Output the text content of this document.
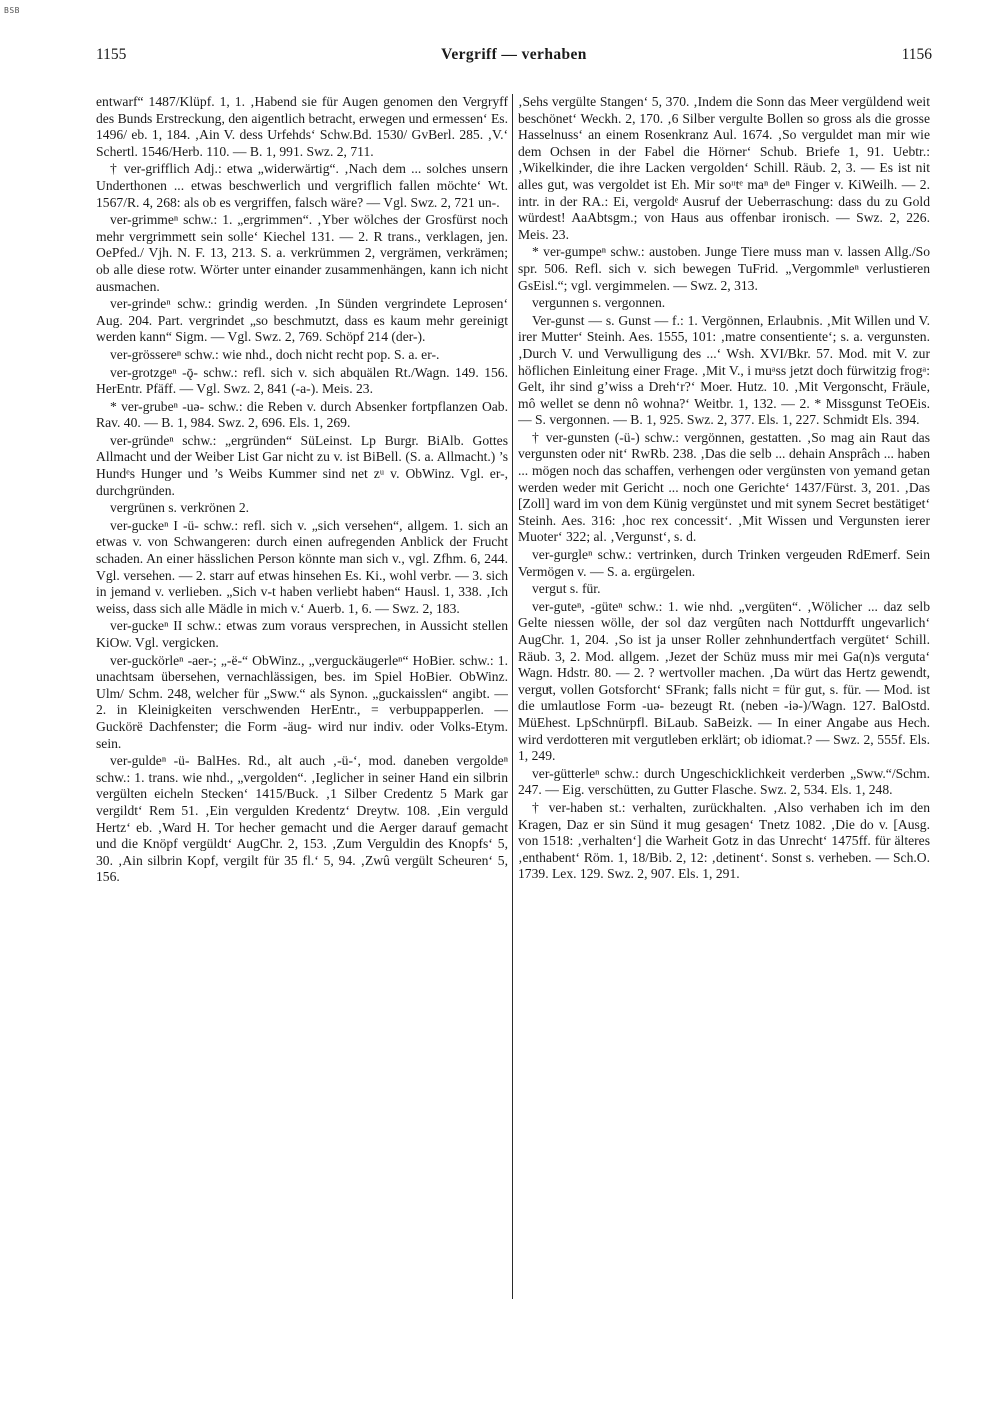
BSB
1155	Vergriff — verhaben	1156

entwarf“ 1487/Klüpf. 1, 1. ‚Habend sie für Augen genomen den Vergryff des Bunds Erstreckung, den aigentlich betracht, erwegen und ermessen‘ Es. 1496/ eb. 1, 184. ‚Ain V. dess Urfehds‘ Schw.Bd. 1530/ GvBerl. 285. ‚V.‘ Schertl. 1546/Herb. 110. — B. 1, 991. Swz. 2, 711.

† ver-grifflich Adj.: etwa „widerwärtig“. ‚Nach dem ... solches unsern Underthonen ... etwas beschwerlich und vergriflich fallen möchte‘ Wt. 1567/R. 4, 268: als ob es vergriffen, falsch wäre? — Vgl. Swz. 2, 721 un-.

ver-grimmeⁿ schw.: 1. „ergrimmen“. ‚Yber wölches der Grosfürst noch mehr vergrimmett sein solle‘ Kiechel 131. — 2. R trans., verklagen, jen. OePfed./ Vjh. N. F. 13, 213. S. a. verkrümmen 2, vergrämen, verkrämen; ob alle diese rotw. Wörter unter einander zusammenhängen, kann ich nicht ausmachen.

ver-grindeⁿ schw.: grindig werden. ‚In Sünden vergrindete Leprosen‘ Aug. 204. Part. vergrindet „so beschmutzt, dass es kaum mehr gereinigt werden kann“ Sigm. — Vgl. Swz. 2, 769. Schöpf 214 (der-).

ver-grössereⁿ schw.: wie nhd., doch nicht recht pop. S. a. er-.

ver-grotzgeⁿ -ǭ- schw.: refl. sich v. sich abquälen Rt./Wagn. 149. 156. HerEntr. Pfäff. — Vgl. Swz. 2, 841 (-a-). Meis. 23.

* ver-grubeⁿ -uə- schw.: die Reben v. durch Absenker fortpflanzen Oab. Rav. 40. — B. 1, 984. Swz. 2, 696. Els. 1, 269.

ver-gründeⁿ schw.: „ergründen“ SüLeinst. Lp Burgr. BiAlb. Gottes Allmacht und der Weiber List Gar nicht zu v. ist BiBell. (S. a. Allmacht.) ’s Hundᵉs Hunger und ’s Weibs Kummer sind net zᵘ v. ObWinz. Vgl. er-, durchgründen.

vergrünen s. verkrönen 2.

ver-guckeⁿ I -ü- schw.: refl. sich v. „sich versehen“, allgem. 1. sich an etwas v. von Schwangeren: durch einen aufregenden Anblick der Frucht schaden. An einer hässlichen Person könnte man sich v., vgl. Zfhm. 6, 244. Vgl. versehen. — 2. starr auf etwas hinsehen Es. Ki., wohl verbr. — 3. sich in jemand v. verlieben. „Sich v-t haben verliebt haben“ Hausl. 1, 338. ‚Ich weiss, dass sich alle Mädle in mich v.‘ Auerb. 1, 6. — Swz. 2, 183.

ver-guckeⁿ II schw.: etwas zum voraus versprechen, in Aussicht stellen KiOw. Vgl. vergicken.

ver-guckörleⁿ -aer-; „-ë-“ ObWinz., „verguckäugerleⁿ“ HoBier. schw.: 1. unachtsam übersehen, vernachlässigen, bes. im Spiel HoBier. ObWinz. Ulm/ Schm. 248, welcher für „Sww.“ als Synon. „guckaisslen“ angibt. — 2. in Kleinigkeiten verschwenden HerEntr., = verbuppapperlen. — Guckörë Dachfenster; die Form -äug- wird nur indiv. oder Volks-Etym. sein.

ver-guldeⁿ -ü- BalHes. Rd., alt auch ‚-ü-‘, mod. daneben vergoldeⁿ schw.: 1. trans. wie nhd., „vergolden“. ‚Ieglicher in seiner Hand ein silbrin vergülten eicheln Stecken‘ 1415/Buck. ‚1 Silber Credentz 5 Mark gar vergildt‘ Rem 51. ‚Ein vergulden Kredentz‘ Dreytw. 108. ‚Ein verguld Hertz‘ eb. ‚Ward H. Tor hecher gemacht und die Aerger darauf gemacht und die Knöpf vergüldt‘ AugChr. 2, 153. ‚Zum Verguldin des Knopfs‘ 5, 30. ‚Ain silbrin Kopf, vergilt für 35 fl.‘ 5, 94. ‚Zwû vergült Scheuren‘ 5, 156.

‚Sehs vergülte Stangen‘ 5, 370. ‚Indem die Sonn das Meer vergüldend weit beschönet‘ Weckh. 2, 170. ‚6 Silber vergulte Bollen so gross als die grosse Hasselnuss‘ an einem Rosenkranz Aul. 1674. ‚So verguldet man mir wie dem Ochsen in der Fabel die Hörner‘ Schub. Briefe 1, 91. Uebtr.: ‚Wikelkinder, die ihre Lacken vergolden‘ Schill. Räub. 2, 3. — Es ist nit alles gut, was vergoldet ist Eh. Mir soᶦᶦtᵉ maⁿ deⁿ Finger v. KiWeilh. — 2. intr. in der RA.: Ei, vergoldᵉ Ausruf der Ueberraschung: dass du zu Gold würdest! AaAbtsgm.; von Haus aus offenbar ironisch. — Swz. 2, 226. Meis. 23.

* ver-gumpeⁿ schw.: austoben. Junge Tiere muss man v. lassen Allg./So spr. 506. Refl. sich v. sich bewegen TuFrid. „Vergommleⁿ verlustieren GsEisl.“; vgl. vergimmelen. — Swz. 2, 313.

vergunnen s. vergonnen.

Ver-gunst — s. Gunst — f.: 1. Vergönnen, Erlaubnis. ‚Mit Willen und V. irer Mutter‘ Steinh. Aes. 1555, 101: ‚matre consentiente‘; s. a. vergunsten. ‚Durch V. und Verwulligung des ...‘ Wsh. XVI/Bkr. 57. Mod. mit V. zur höflichen Einleitung einer Frage. ‚Mit V., i muᵃss jetzt doch fürwitzig frogᵃ: Gelt, ihr sind g’wiss a Dreh‘r?‘ Moer. Hutz. 10. ‚Mit Vergonscht, Fräule, mô wellet se denn nô wohna?‘ Weitbr. 1, 132. — 2. * Missgunst TeOEis. — S. vergonnen. — B. 1, 925. Swz. 2, 377. Els. 1, 227. Schmidt Els. 394.

† ver-gunsten (-ü-) schw.: vergönnen, gestatten. ‚So mag ain Raut das vergunsten oder nit‘ RwRb. 238. ‚Das die selb ... dehain Ansprâch ... haben ... mögen noch das schaffen, verhengen oder vergünsten von yemand getan werden weder mit Gericht ... noch one Gerichte‘ 1437/Fürst. 3, 201. ‚Das [Zoll] ward im von dem Künig vergünstet und mit synem Secret bestätiget‘ Steinh. Aes. 316: ‚hoc rex concessit‘. ‚Mit Wissen und Vergunsten ierer Muoter‘ 322; al. ‚Vergunst‘, s. d.

ver-gurgleⁿ schw.: vertrinken, durch Trinken vergeuden RdEmerf. Sein Vermögen v. — S. a. ergürgelen.

vergut s. für.

ver-guteⁿ, -güteⁿ schw.: 1. wie nhd. „vergüten“. ‚Wölicher ... daz selb Gelte niessen wölle, der sol daz vergûten nach Nottdurfft ungevarlich‘ AugChr. 1, 204. ‚So ist ja unser Roller zehnhundertfach vergütet‘ Schill. Räub. 3, 2. Mod. allgem. ‚Jezet der Schüz muss mir mei Ga(n)s verguta‘ Wagn. Hdstr. 80. — 2. ? wertvoller machen. ‚Da würt das Hertz gewendt, verguͤt, vollen Gotsforcht‘ SFrank; falls nicht = für gut, s. für. — Mod. ist die umlautlose Form -uə- bezeugt Rt. (neben -iə-)/Wagn. 127. BalOstd. MüEhest. LpSchnürpfl. BiLaub. SaBeizk. — In einer Angabe aus Hech. wird verdotteren mit vergutleben erklärt; ob idiomat.? — Swz. 2, 555f. Els. 1, 249.

ver-gütterleⁿ schw.: durch Ungeschicklichkeit verderben „Sww.“/Schm. 247. — Eig. verschütten, zu Gutter Flasche. Swz. 2, 534. Els. 1, 248.

† ver-haben st.: verhalten, zurückhalten. ‚Also verhaben ich im den Kragen, Daz er sin Sünd it mug gesagen‘ Tnetz 1082. ‚Die do v. [Ausg. von 1518: ‚verhalten‘] die Warheit Gotz in das Unrecht‘ 1475ff. für älteres ‚enthabent‘ Röm. 1, 18/Bib. 2, 12: ‚detinent‘. Sonst s. verheben. — Sch.O. 1739. Lex. 129. Swz. 2, 907. Els. 1, 291.
